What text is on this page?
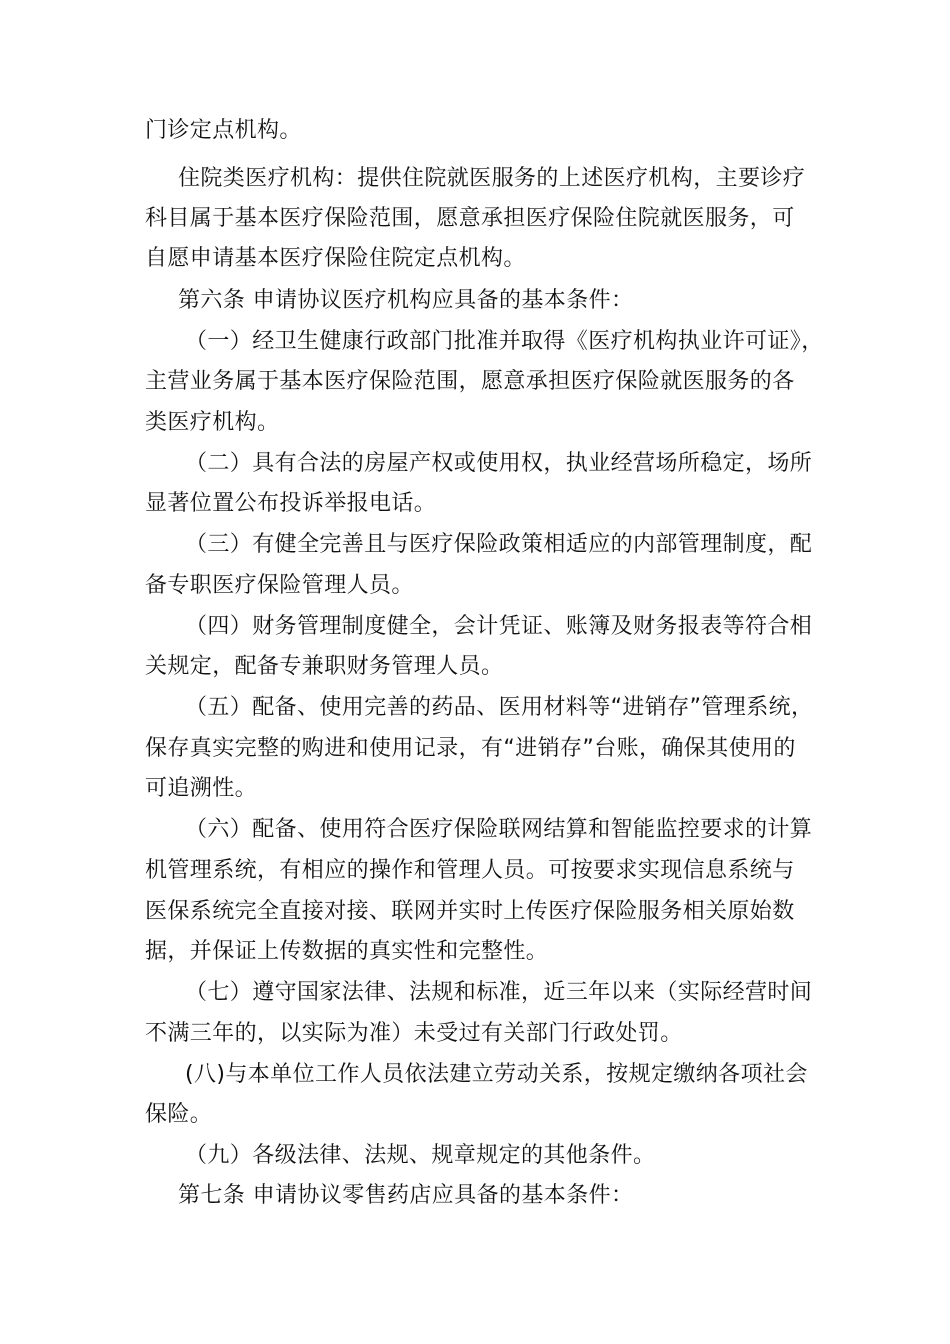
门诊定点机构。
住院类医疗机构：提供住院就医服务的上述医疗机构，主要诊疗
科目属于基本医疗保险范围，愿意承担医疗保险住院就医服务，可
自愿申请基本医疗保险住院定点机构。
第六条 申请协议医疗机构应具备的基本条件：
（一）经卫生健康行政部门批准并取得《医疗机构执业许可证》，
主营业务属于基本医疗保险范围，愿意承担医疗保险就医服务的各
类医疗机构。
（二）具有合法的房屋产权或使用权，执业经营场所稳定，场所
显著位置公布投诉举报电话。
（三）有健全完善且与医疗保险政策相适应的内部管理制度，配
备专职医疗保险管理人员。
（四）财务管理制度健全，会计凭证、账簿及财务报表等符合相
关规定，配备专兼职财务管理人员。
（五）配备、使用完善的药品、医用材料等“进销存”管理系统，
保存真实完整的购进和使用记录，有“进销存”台账，确保其使用的
可追溯性。
（六）配备、使用符合医疗保险联网结算和智能监控要求的计算
机管理系统，有相应的操作和管理人员。可按要求实现信息系统与
医保系统完全直接对接、联网并实时上传医疗保险服务相关原始数
据，并保证上传数据的真实性和完整性。
（七）遵守国家法律、法规和标准，近三年以来（实际经营时间
不满三年的，以实际为准）未受过有关部门行政处罚。
(八)与本单位工作人员依法建立劳动关系，按规定缴纳各项社会
保险。
（九）各级法律、法规、规章规定的其他条件。
第七条 申请协议零售药店应具备的基本条件：
